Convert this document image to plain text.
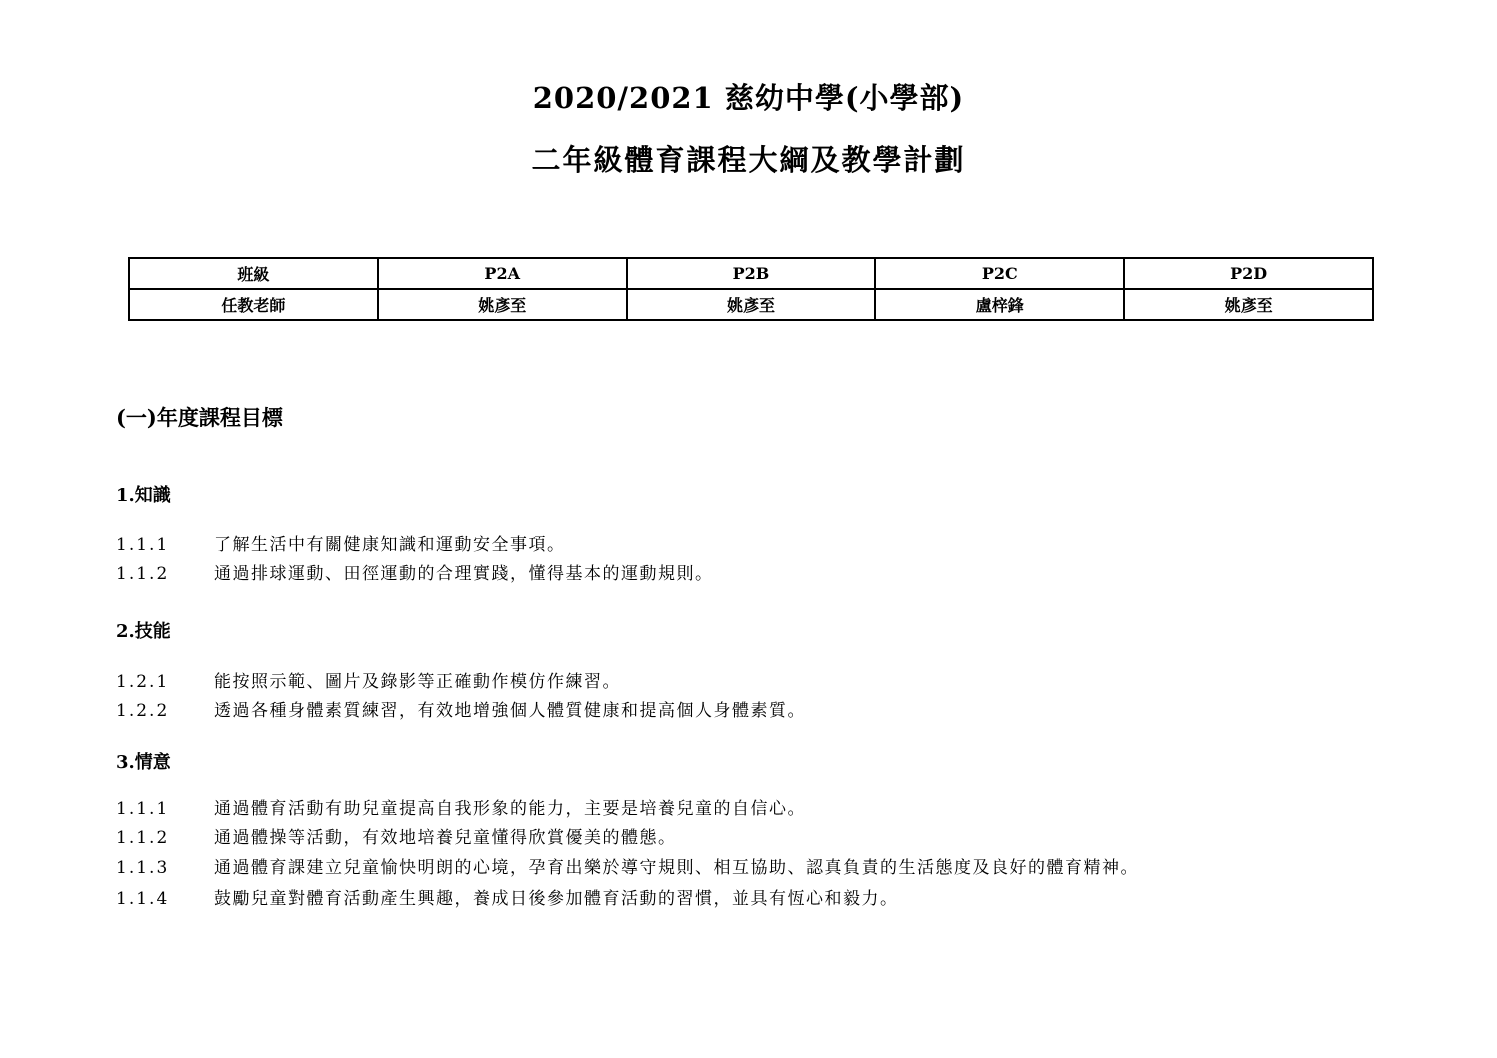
2020/2021 慈幼中學(小學部)
二年級體育課程大綱及教學計劃
班級	P2A	P2B	P2C	P2D
任教老師	姚彥至	姚彥至	盧梓鋒	姚彥至
(一)年度課程目標
1.知識
1.1.1	了解生活中有關健康知識和運動安全事項。
1.1.2	通過排球運動、田徑運動的合理實踐，懂得基本的運動規則。
2.技能
1.2.1	能按照示範、圖片及錄影等正確動作模仿作練習。
1.2.2	透過各種身體素質練習，有效地增強個人體質健康和提高個人身體素質。
3.情意
1.1.1	通過體育活動有助兒童提高自我形象的能力，主要是培養兒童的自信心。
1.1.2	通過體操等活動，有效地培養兒童懂得欣賞優美的體態。
1.1.3	通過體育課建立兒童愉快明朗的心境，孕育出樂於導守規則、相互協助、認真負責的生活態度及良好的體育精神。
1.1.4	鼓勵兒童對體育活動產生興趣，養成日後參加體育活動的習慣，並具有恆心和毅力。
